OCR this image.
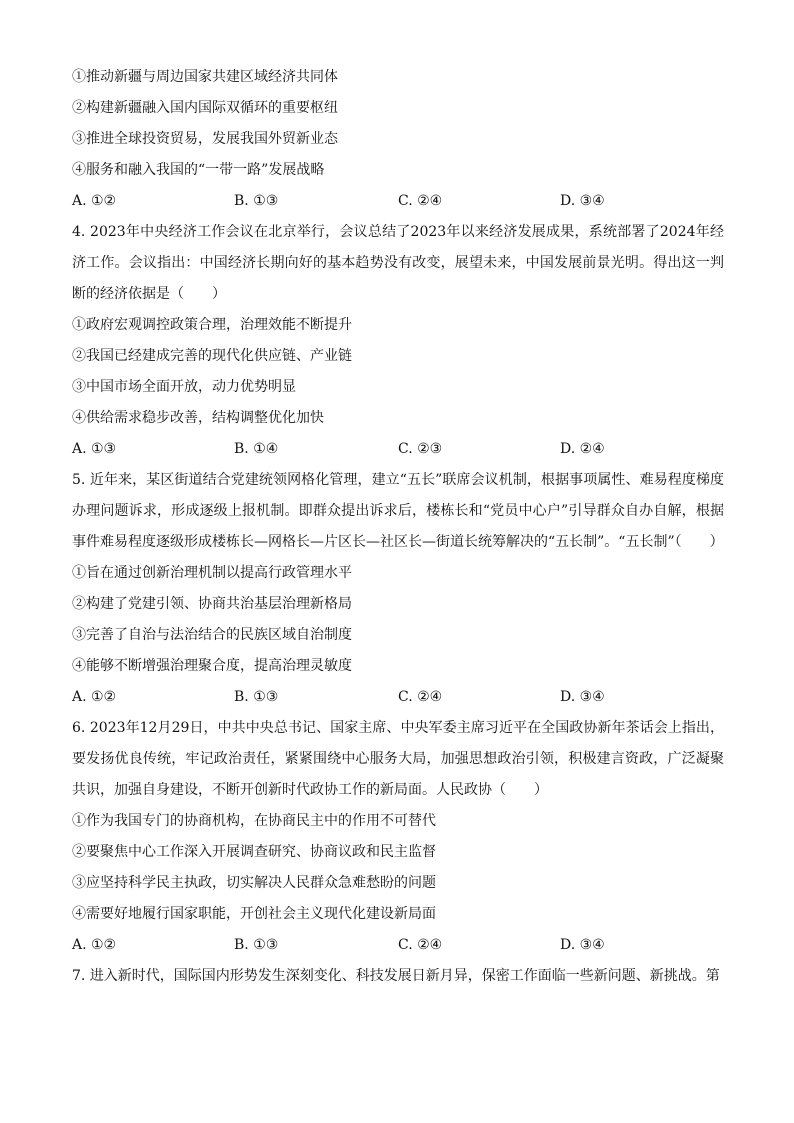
①推动新疆与周边国家共建区域经济共同体
②构建新疆融入国内国际双循环的重要枢纽
③推进全球投资贸易，发展我国外贸新业态
④服务和融入我国的“一带一路”发展战略
A. ①②	B. ①③	C. ②④	D. ③④
4. 2023年中央经济工作会议在北京举行，会议总结了2023年以来经济发展成果，系统部署了2024年经济工作。会议指出：中国经济长期向好的基本趋势没有改变，展望未来，中国发展前景光明。得出这一判断的经济依据是（　　）
①政府宏观调控政策合理，治理效能不断提升
②我国已经建成完善的现代化供应链、产业链
③中国市场全面开放，动力优势明显
④供给需求稳步改善，结构调整优化加快
A. ①③	B. ①④	C. ②③	D. ②④
5. 近年来，某区街道结合党建统领网格化管理，建立“五长”联席会议机制，根据事项属性、难易程度梯度办理问题诉求，形成逐级上报机制。即群众提出诉求后，楼栋长和“党员中心户”引导群众自办自解，根据事件难易程度逐级形成楼栋长—网格长—片区长—社区长—街道长统筹解决的“五长制”。“五长制”（　　）
①旨在通过创新治理机制以提高行政管理水平
②构建了党建引领、协商共治基层治理新格局
③完善了自治与法治结合的民族区域自治制度
④能够不断增强治理聚合度，提高治理灵敏度
A. ①②	B. ①③	C. ②④	D. ③④
6. 2023年12月29日，中共中央总书记、国家主席、中央军委主席习近平在全国政协新年茶话会上指出，要发扬优良传统，牢记政治责任，紧紧围绕中心服务大局，加强思想政治引领，积极建言资政，广泛凝聚共识，加强自身建设，不断开创新时代政协工作的新局面。人民政协（　　）
①作为我国专门的协商机构，在协商民主中的作用不可替代
②要聚焦中心工作深入开展调查研究、协商议政和民主监督
③应坚持科学民主执政，切实解决人民群众急难愁盼的问题
④需要好地履行国家职能，开创社会主义现代化建设新局面
A. ①②	B. ①③	C. ②④	D. ③④
7. 进入新时代，国际国内形势发生深刻变化、科技发展日新月异，保密工作面临一些新问题、新挑战。第
